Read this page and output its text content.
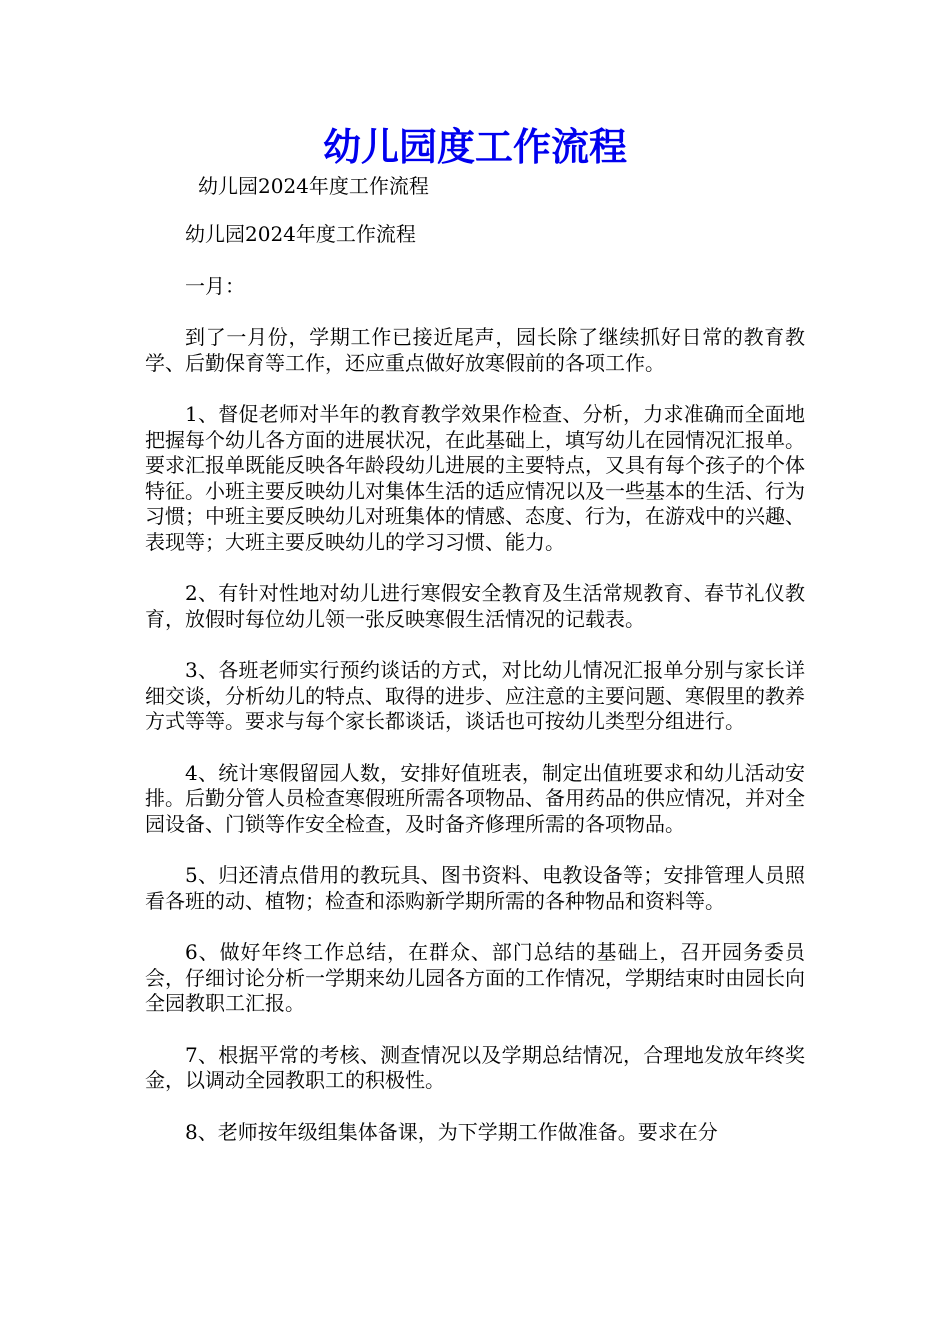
幼儿园度工作流程

幼儿园2024年度工作流程

幼儿园2024年度工作流程

一月：

到了一月份，学期工作已接近尾声，园长除了继续抓好日常的教育教学、后勤保育等工作，还应重点做好放寒假前的各项工作。

1、督促老师对半年的教育教学效果作检查、分析，力求准确而全面地把握每个幼儿各方面的进展状况，在此基础上，填写幼儿在园情况汇报单。要求汇报单既能反映各年龄段幼儿进展的主要特点，又具有每个孩子的个体特征。小班主要反映幼儿对集体生活的适应情况以及一些基本的生活、行为习惯；中班主要反映幼儿对班集体的情感、态度、行为，在游戏中的兴趣、表现等；大班主要反映幼儿的学习习惯、能力。

2、有针对性地对幼儿进行寒假安全教育及生活常规教育、春节礼仪教育，放假时每位幼儿领一张反映寒假生活情况的记载表。

3、各班老师实行预约谈话的方式，对比幼儿情况汇报单分别与家长详细交谈，分析幼儿的特点、取得的进步、应注意的主要问题、寒假里的教养方式等等。要求与每个家长都谈话，谈话也可按幼儿类型分组进行。

4、统计寒假留园人数，安排好值班表，制定出值班要求和幼儿活动安排。后勤分管人员检查寒假班所需各项物品、备用药品的供应情况，并对全园设备、门锁等作安全检查，及时备齐修理所需的各项物品。

5、归还清点借用的教玩具、图书资料、电教设备等；安排管理人员照看各班的动、植物；检查和添购新学期所需的各种物品和资料等。

6、做好年终工作总结，在群众、部门总结的基础上，召开园务委员会，仔细讨论分析一学期来幼儿园各方面的工作情况，学期结束时由园长向全园教职工汇报。

7、根据平常的考核、测查情况以及学期总结情况，合理地发放年终奖金，以调动全园教职工的积极性。

8、老师按年级组集体备课，为下学期工作做准备。要求在分
